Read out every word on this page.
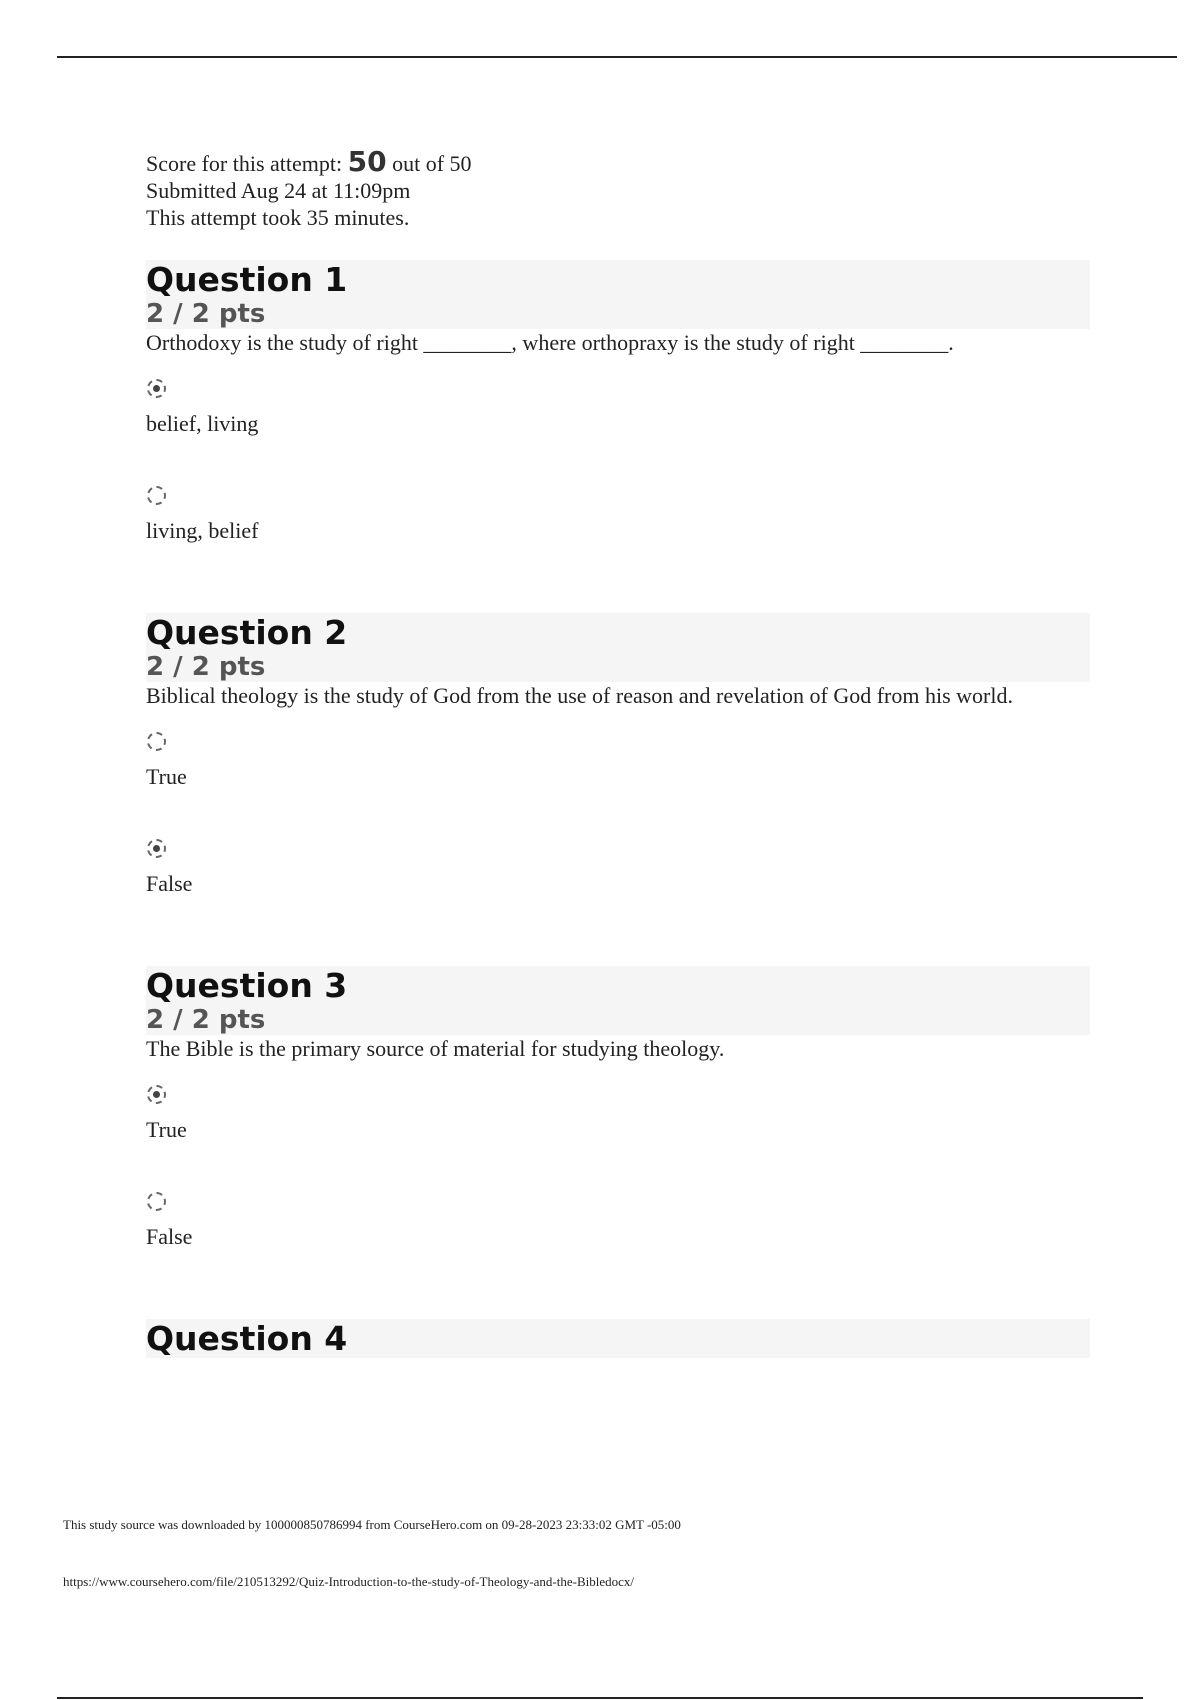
Score for this attempt: 50 out of 50
Submitted Aug 24 at 11:09pm
This attempt took 35 minutes.
Question 1
2 / 2 pts
Orthodoxy is the study of right ________, where orthopraxy is the study of right ________.
belief, living
living, belief
Question 2
2 / 2 pts
Biblical theology is the study of God from the use of reason and revelation of God from his world.
True
False
Question 3
2 / 2 pts
The Bible is the primary source of material for studying theology.
True
False
Question 4
This study source was downloaded by 100000850786994 from CourseHero.com on 09-28-2023 23:33:02 GMT -05:00
https://www.coursehero.com/file/210513292/Quiz-Introduction-to-the-study-of-Theology-and-the-Bibledocx/
